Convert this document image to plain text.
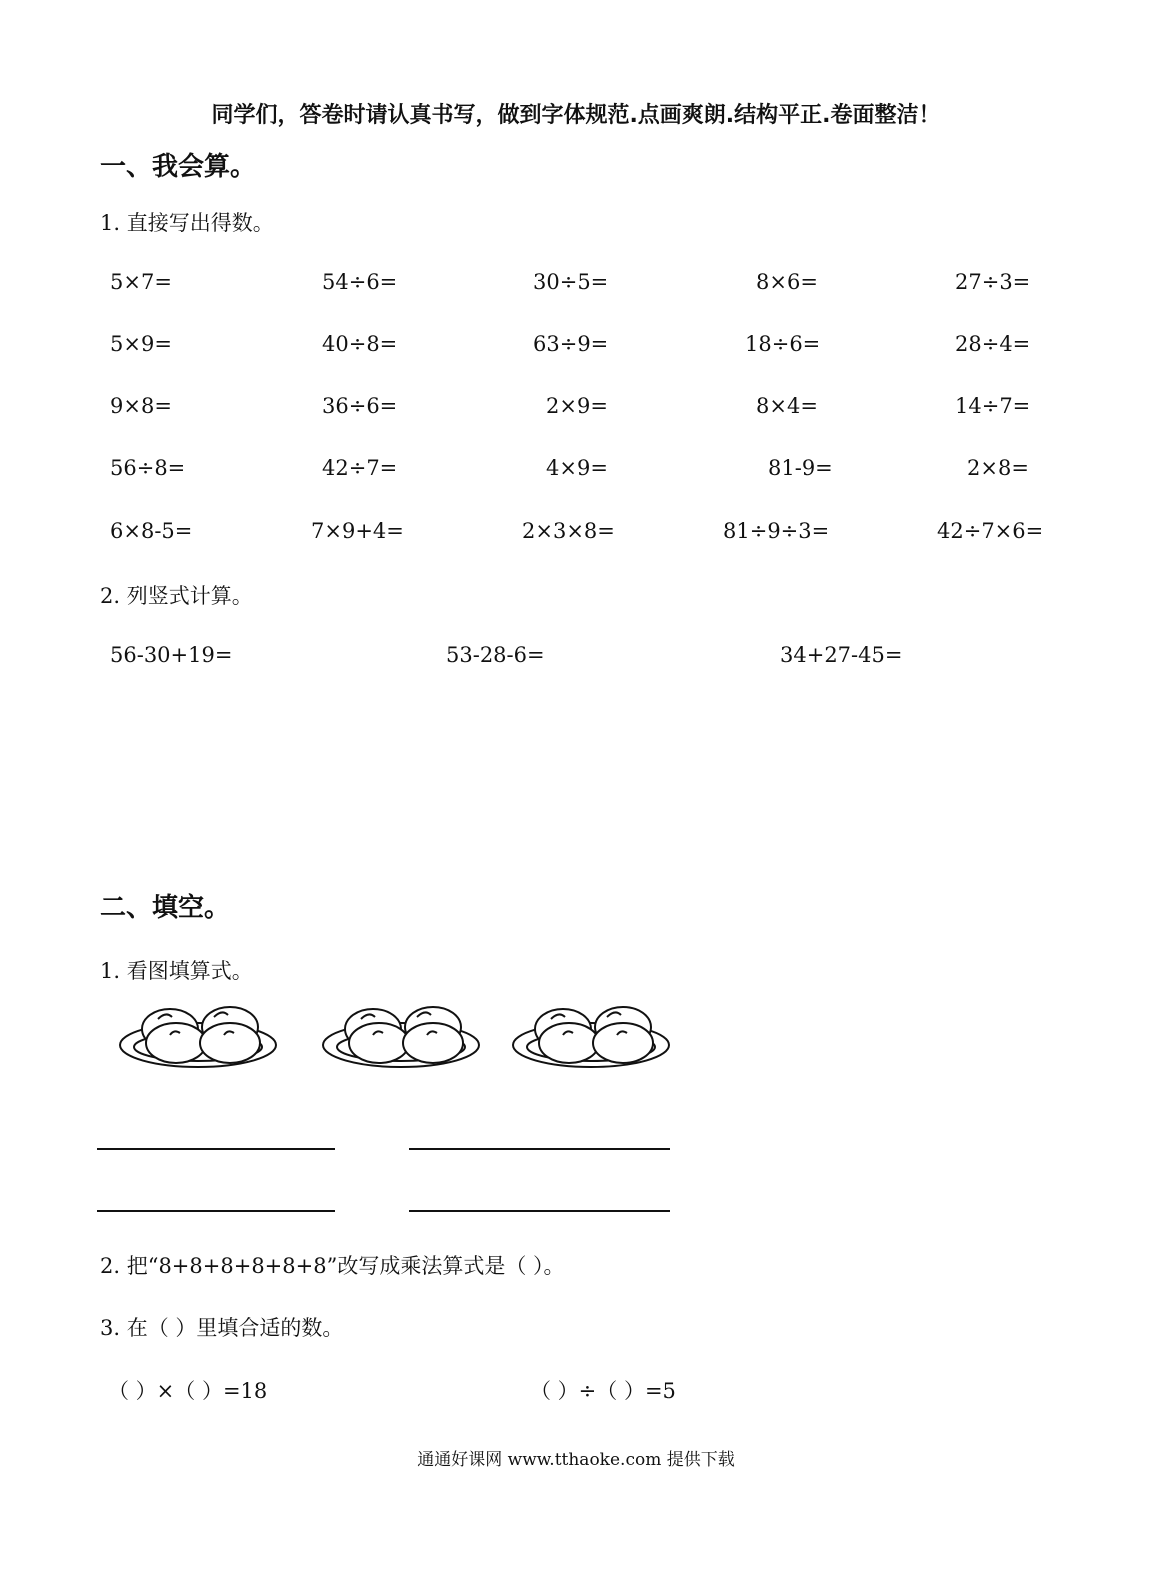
同学们，答卷时请认真书写，做到字体规范.点画爽朗.结构平正.卷面整洁！
一、我会算。
1. 直接写出得数。
5×7=	54÷6=	30÷5=	8×6=	27÷3=
5×9=	40÷8=	63÷9=	18÷6=	28÷4=
9×8=	36÷6=	2×9=	8×4=	14÷7=
56÷8=	42÷7=	4×9=	81-9=	2×8=
6×8-5=	7×9+4=	2×3×8=	81÷9÷3=	42÷7×6=
2. 列竖式计算。
56-30+19=	53-28-6=	34+27-45=
二、填空。
1. 看图填算式。
2. 把“8+8+8+8+8+8”改写成乘法算式是（ ）。
3. 在（ ）里填合适的数。
（ ）×（ ）=18	（ ）÷（ ）=5
通通好课网 www.tthaoke.com 提供下载
